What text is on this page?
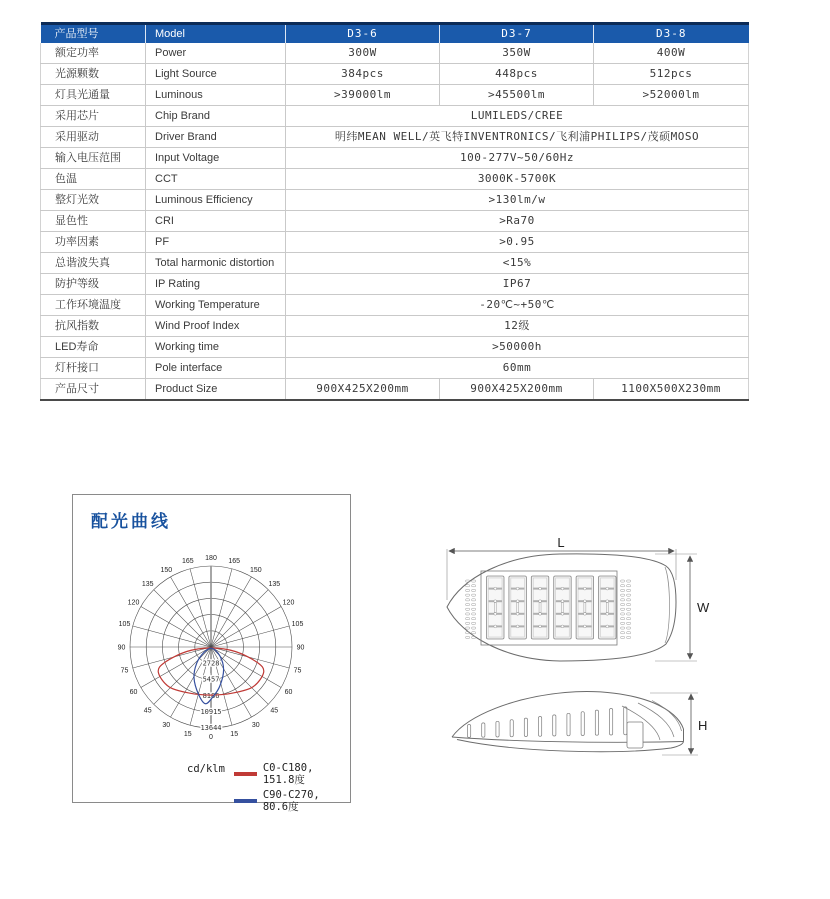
产品型号	Model	D3-6	D3-7	D3-8
额定功率	Power	300W	350W	400W
光源颗数	Light Source	384pcs	448pcs	512pcs
灯具光通量	Luminous	>39000lm	>45500lm	>52000lm
采用芯片	Chip Brand	LUMILEDS/CREE		
采用驱动	Driver Brand	明纬MEAN WELL/英飞特INVENTRONICS/飞利浦PHILIPS/茂硕MOSO		
输入电压范围	Input Voltage	100-277V~50/60Hz		
色温	CCT	3000K-5700K		
整灯光效	Luminous Efficiency	>130lm/w		
显色性	CRI	>Ra70		
功率因素	PF	>0.95		
总谐波失真	Total harmonic distortion	<15%		
防护等级	IP Rating	IP67		
工作环境温度	Working Temperature	-20℃~+50℃		
抗风指数	Wind Proof Index	12级		
LED寿命	Working time	>50000h		
灯杆接口	Pole interface	60mm		
产品尺寸	Product Size	900X425X200mm	900X425X200mm	1100X500X230mm
0
15	15
30	30
45	45
60	60
75	75
90	90
105	105
120	120
135	135
150	150
165	165
180
2728
5457
8186
10915
13644
配光曲线
cd/klm	C0-C180, 151.8度
C90-C270, 80.6度
L
W
H
